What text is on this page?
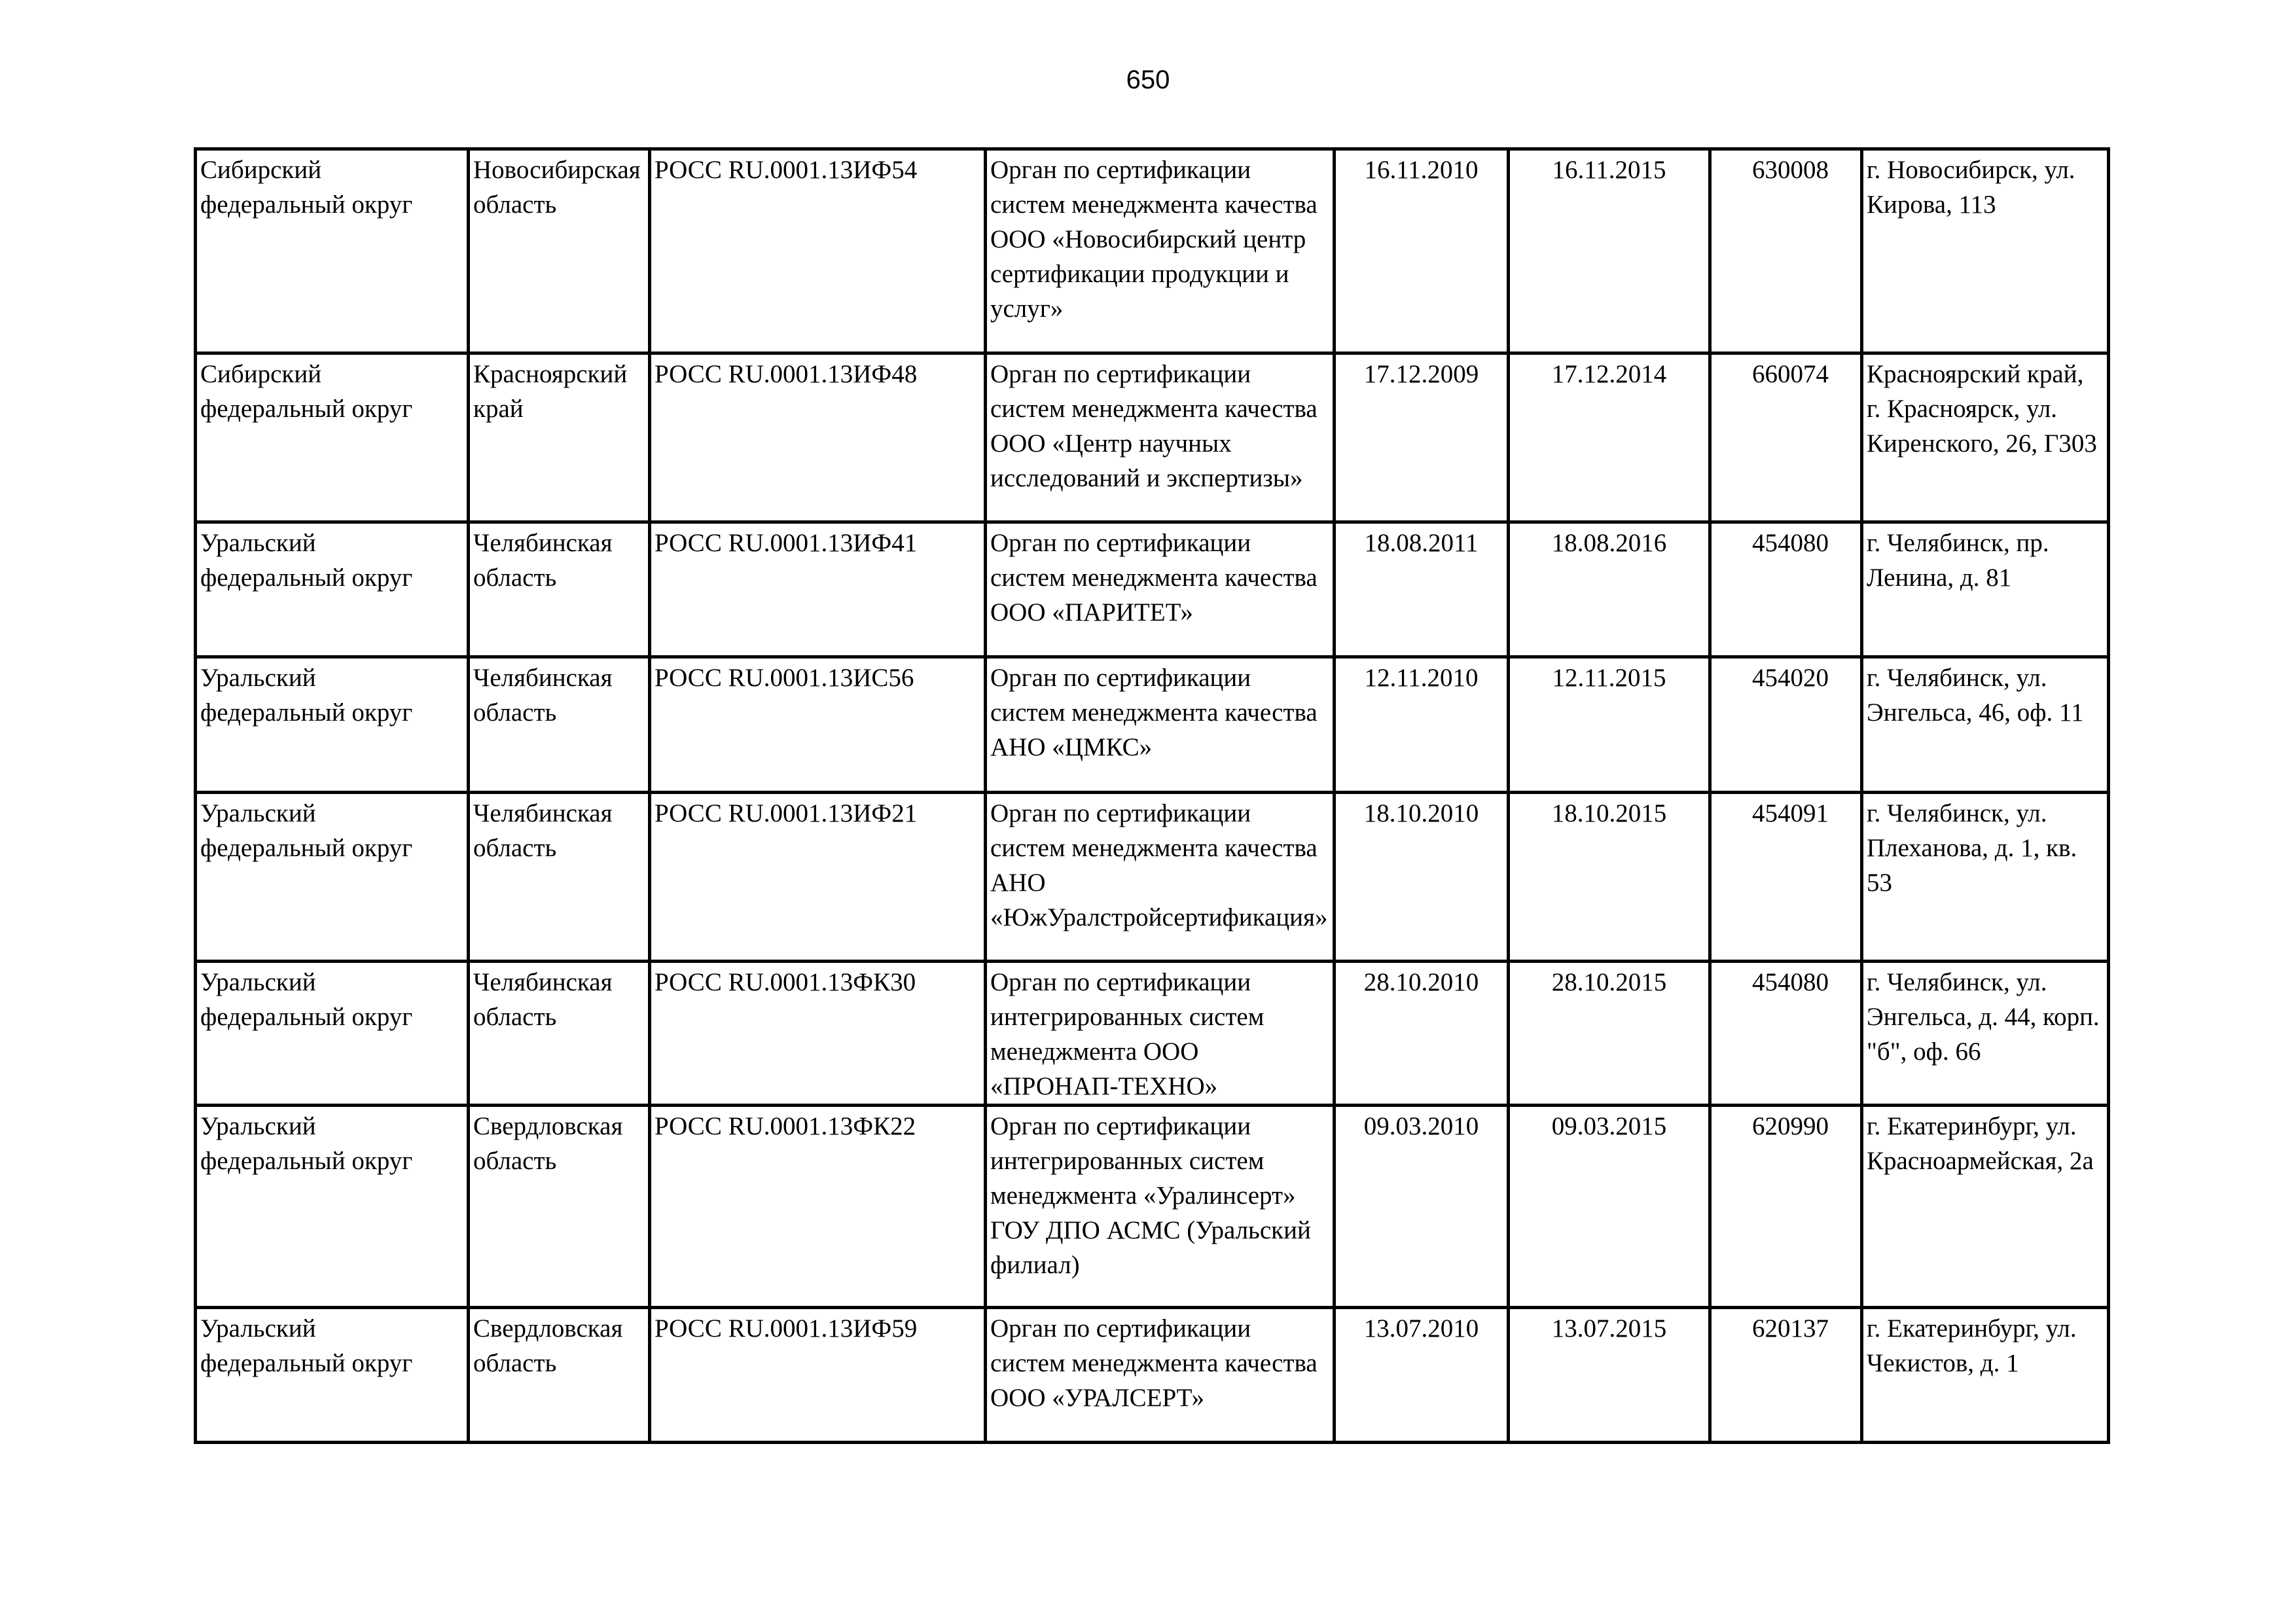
650
Сибирский федеральный округ	Новосибирская область	РОСС RU.0001.13ИФ54	Орган по сертификации систем менеджмента качества ООО «Новосибирский центр сертификации продукции и услуг»	16.11.2010	16.11.2015	630008	г. Новосибирск, ул. Кирова, 113
Сибирский федеральный округ	Красноярский край	РОСС RU.0001.13ИФ48	Орган по сертификации систем менеджмента качества ООО «Центр научных исследований и экспертизы»	17.12.2009	17.12.2014	660074	Красноярский край, г. Красноярск, ул. Киренского, 26, Г303
Уральский федеральный округ	Челябинская область	РОСС RU.0001.13ИФ41	Орган по сертификации систем менеджмента качества ООО «ПАРИТЕТ»	18.08.2011	18.08.2016	454080	г. Челябинск, пр. Ленина, д. 81
Уральский федеральный округ	Челябинская область	РОСС RU.0001.13ИС56	Орган по сертификации систем менеджмента качества АНО «ЦМКС»	12.11.2010	12.11.2015	454020	г. Челябинск, ул. Энгельса, 46, оф. 11
Уральский федеральный округ	Челябинская область	РОСС RU.0001.13ИФ21	Орган по сертификации систем менеджмента качества АНО «ЮжУралстройсертификация»	18.10.2010	18.10.2015	454091	г. Челябинск, ул. Плеханова, д. 1, кв. 53
Уральский федеральный округ	Челябинская область	РОСС RU.0001.13ФК30	Орган по сертификации интегрированных систем менеджмента ООО «ПРОНАП-ТЕХНО»	28.10.2010	28.10.2015	454080	г. Челябинск, ул. Энгельса, д. 44, корп. "б", оф. 66
Уральский федеральный округ	Свердловская область	РОСС RU.0001.13ФК22	Орган по сертификации интегрированных систем менеджмента «Уралинсерт» ГОУ ДПО АСМС (Уральский филиал)	09.03.2010	09.03.2015	620990	г. Екатеринбург, ул. Красноармейская, 2а
Уральский федеральный округ	Свердловская область	РОСС RU.0001.13ИФ59	Орган по сертификации систем менеджмента качества ООО «УРАЛСЕРТ»	13.07.2010	13.07.2015	620137	г. Екатеринбург, ул. Чекистов, д. 1
